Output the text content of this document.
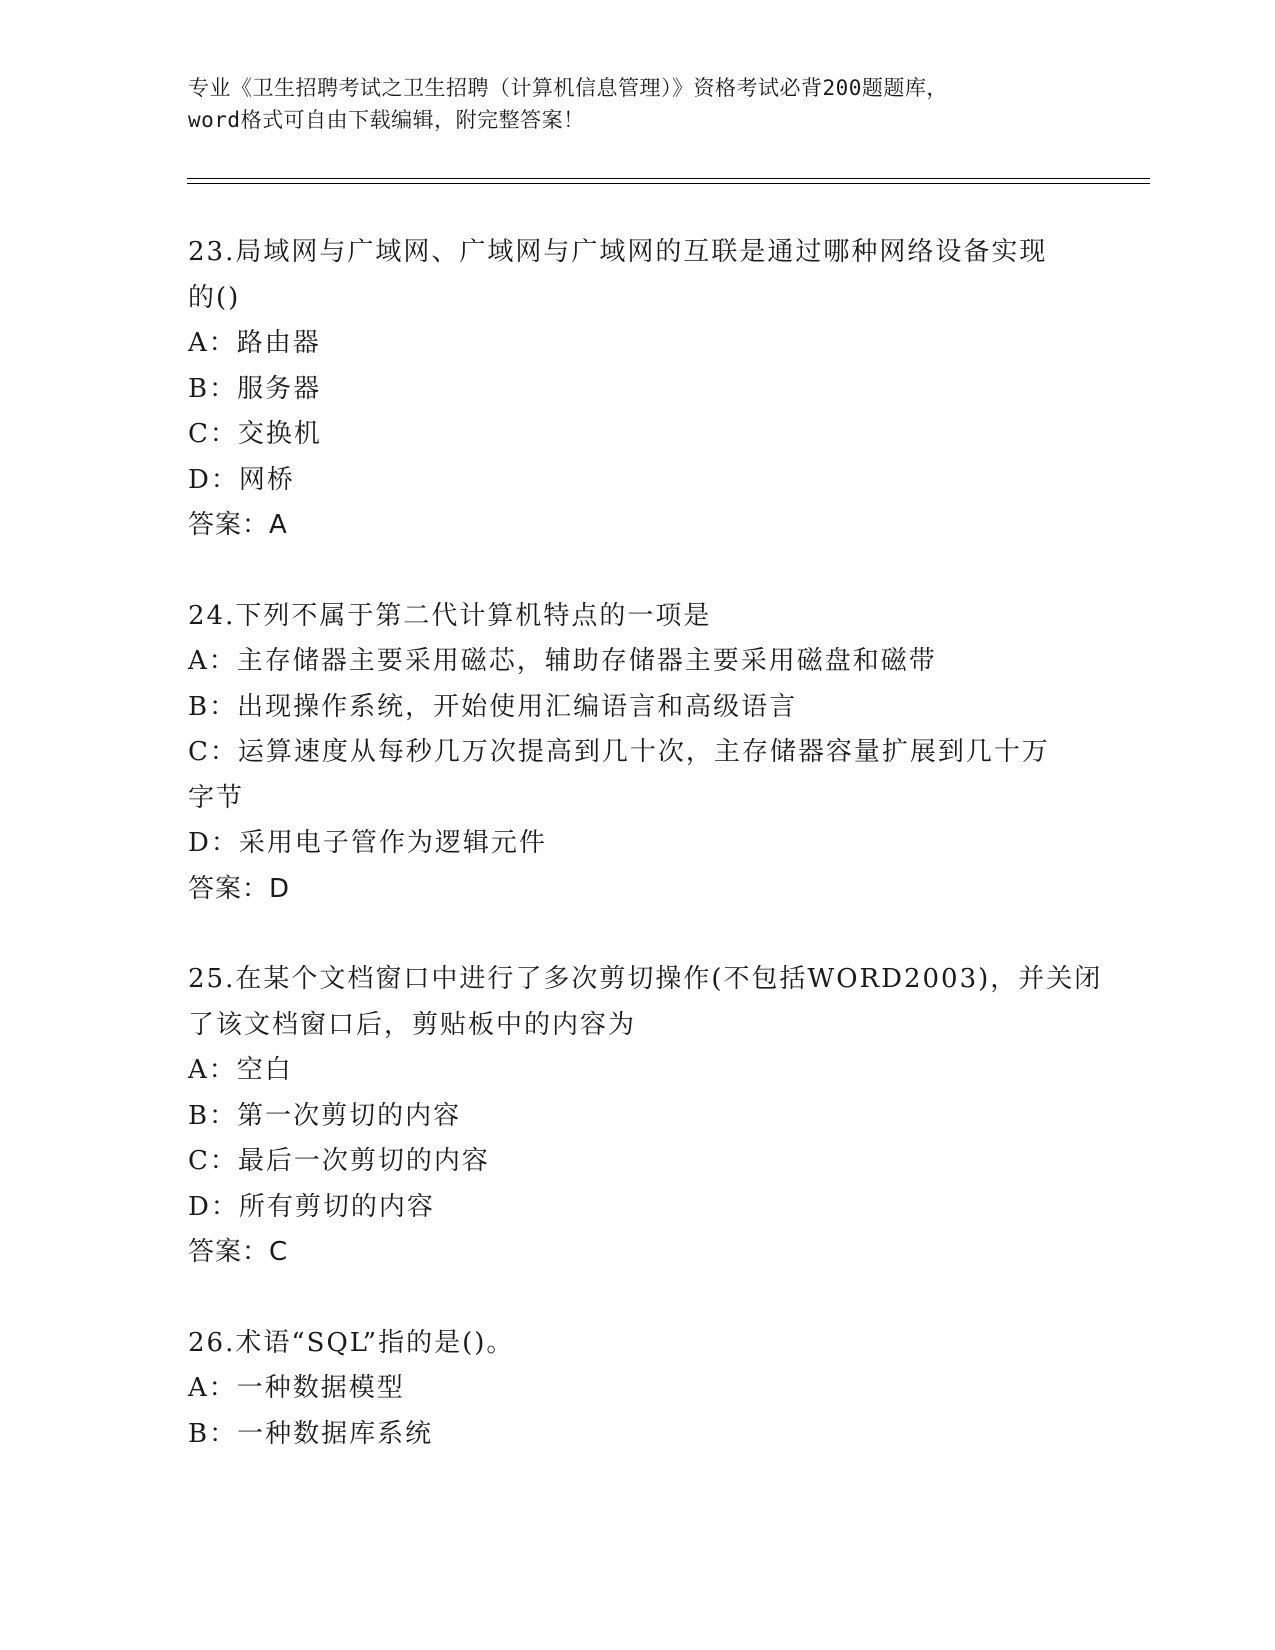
专业《卫生招聘考试之卫生招聘（计算机信息管理）》资格考试必背200题题库，
word格式可自由下载编辑，附完整答案！
23.局域网与广域网、广域网与广域网的互联是通过哪种网络设备实现
的()
A：路由器
B：服务器
C：交换机
D：网桥
答案：A
24.下列不属于第二代计算机特点的一项是
A：主存储器主要采用磁芯，辅助存储器主要采用磁盘和磁带
B：出现操作系统，开始使用汇编语言和高级语言
C：运算速度从每秒几万次提高到几十次，主存储器容量扩展到几十万
字节
D：采用电子管作为逻辑元件
答案：D
25.在某个文档窗口中进行了多次剪切操作(不包括WORD2003)，并关闭
了该文档窗口后，剪贴板中的内容为
A：空白
B：第一次剪切的内容
C：最后一次剪切的内容
D：所有剪切的内容
答案：C
26.术语“SQL”指的是()。
A：一种数据模型
B：一种数据库系统
